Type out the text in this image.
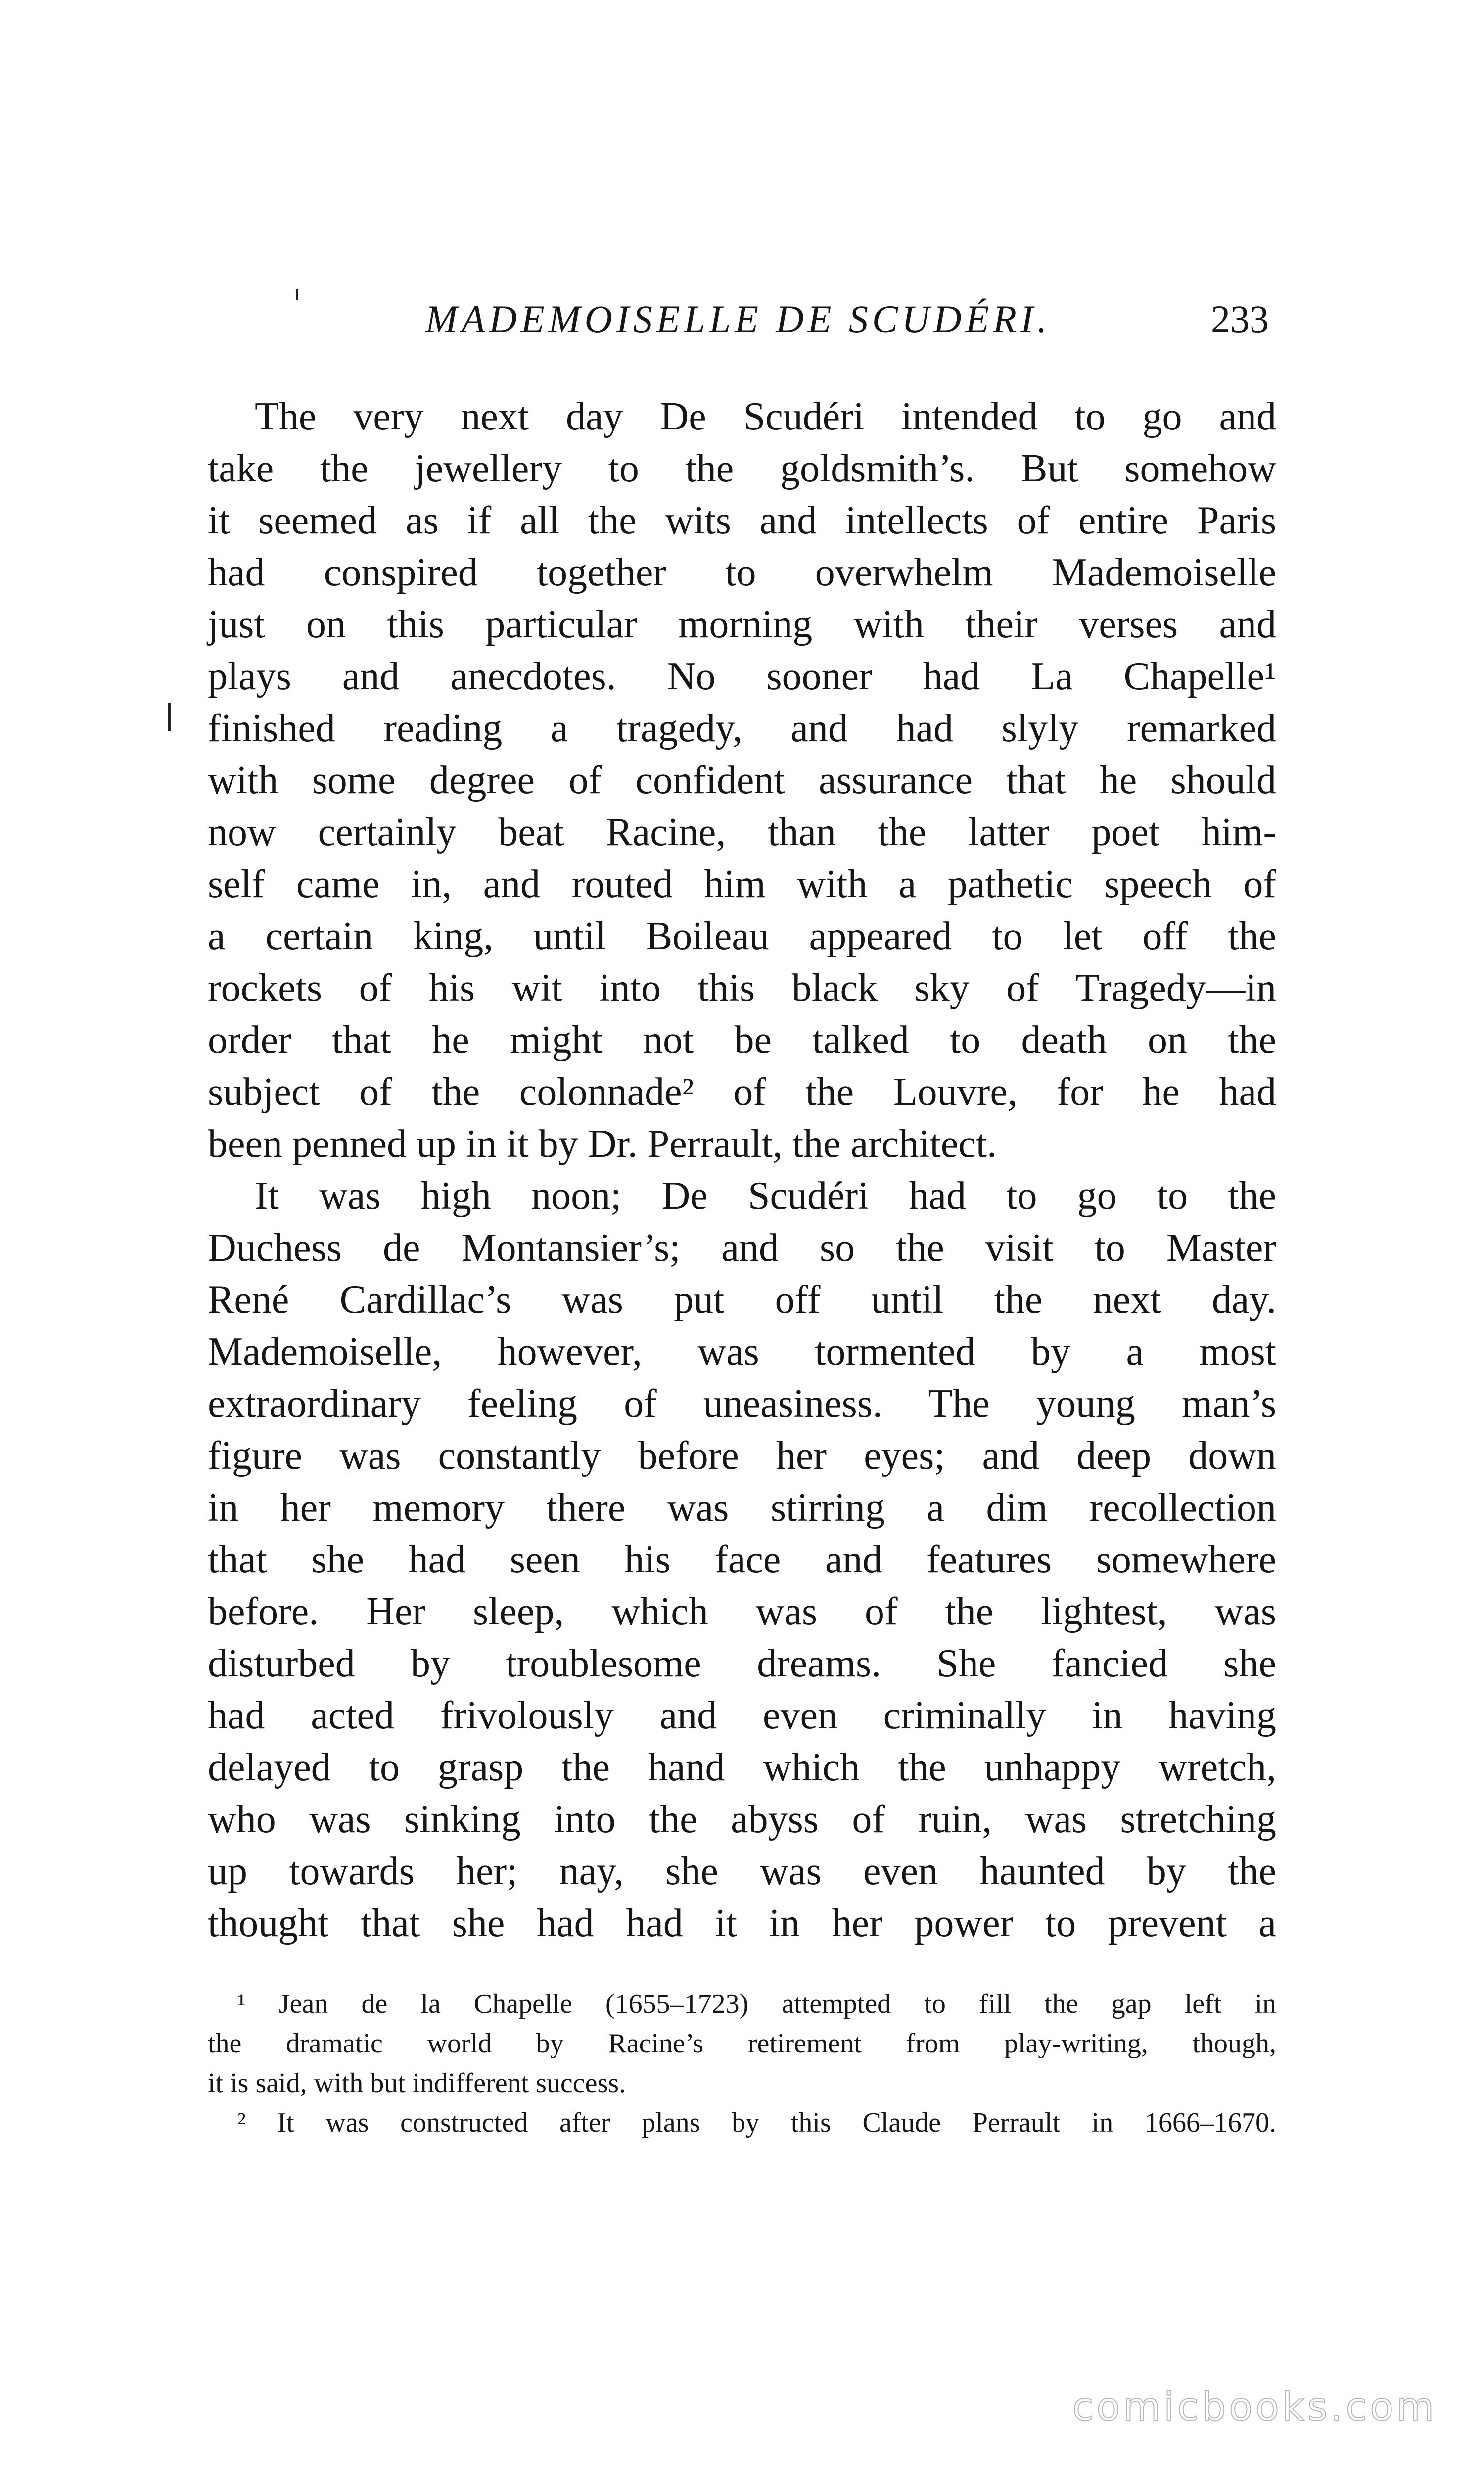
MADEMOISELLE DE SCUDÉRI.	233
The very next day De Scudéri intended to go and
take the jewellery to the goldsmith’s. But somehow
it seemed as if all the wits and intellects of entire Paris
had conspired together to overwhelm Mademoiselle
just on this particular morning with their verses and
plays and anecdotes. No sooner had La Chapelle¹
finished reading a tragedy, and had slyly remarked
with some degree of confident assurance that he should
now certainly beat Racine, than the latter poet him-
self came in, and routed him with a pathetic speech of
a certain king, until Boileau appeared to let off the
rockets of his wit into this black sky of Tragedy—in
order that he might not be talked to death on the
subject of the colonnade² of the Louvre, for he had
been penned up in it by Dr. Perrault, the architect.
It was high noon; De Scudéri had to go to the
Duchess de Montansier’s; and so the visit to Master
René Cardillac’s was put off until the next day.
Mademoiselle, however, was tormented by a most
extraordinary feeling of uneasiness. The young man’s
figure was constantly before her eyes; and deep down
in her memory there was stirring a dim recollection
that she had seen his face and features somewhere
before. Her sleep, which was of the lightest, was
disturbed by troublesome dreams. She fancied she
had acted frivolously and even criminally in having
delayed to grasp the hand which the unhappy wretch,
who was sinking into the abyss of ruin, was stretching
up towards her; nay, she was even haunted by the
thought that she had had it in her power to prevent a
¹ Jean de la Chapelle (1655–1723) attempted to fill the gap left in
the dramatic world by Racine’s retirement from play-writing, though,
it is said, with but indifferent success.
² It was constructed after plans by this Claude Perrault in 1666–1670.
comicbooks.com
